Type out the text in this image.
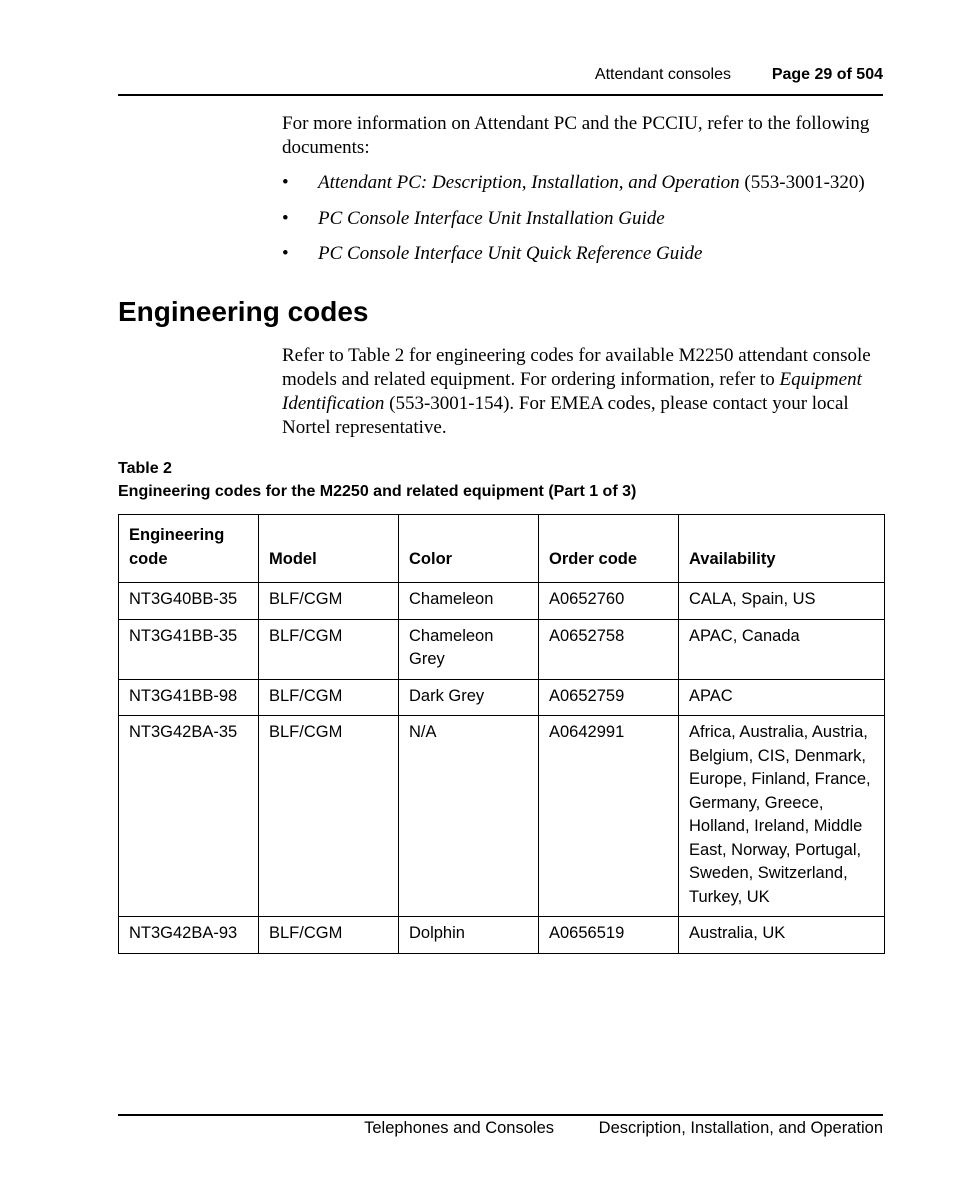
Attendant consoles	Page 29 of 504

For more information on Attendant PC and the PCCIU, refer to the following documents:

• Attendant PC: Description, Installation, and Operation (553-3001-320)
• PC Console Interface Unit Installation Guide
• PC Console Interface Unit Quick Reference Guide
Engineering codes

Refer to Table 2 for engineering codes for available M2250 attendant console models and related equipment. For ordering information, refer to Equipment Identification (553-3001-154). For EMEA codes, please contact your local Nortel representative.

Table 2
Engineering codes for the M2250 and related equipment (Part 1 of 3)
Engineering code	Model	Color	Order code	Availability
NT3G40BB-35	BLF/CGM	Chameleon	A0652760	CALA, Spain, US
NT3G41BB-35	BLF/CGM	Chameleon Grey	A0652758	APAC, Canada
NT3G41BB-98	BLF/CGM	Dark Grey	A0652759	APAC
NT3G42BA-35	BLF/CGM	N/A	A0642991	Africa, Australia, Austria, Belgium, CIS, Denmark, Europe, Finland, France, Germany, Greece, Holland, Ireland, Middle East, Norway, Portugal, Sweden, Switzerland, Turkey, UK
NT3G42BA-93	BLF/CGM	Dolphin	A0656519	Australia, UK
Telephones and Consoles	Description, Installation, and Operation
